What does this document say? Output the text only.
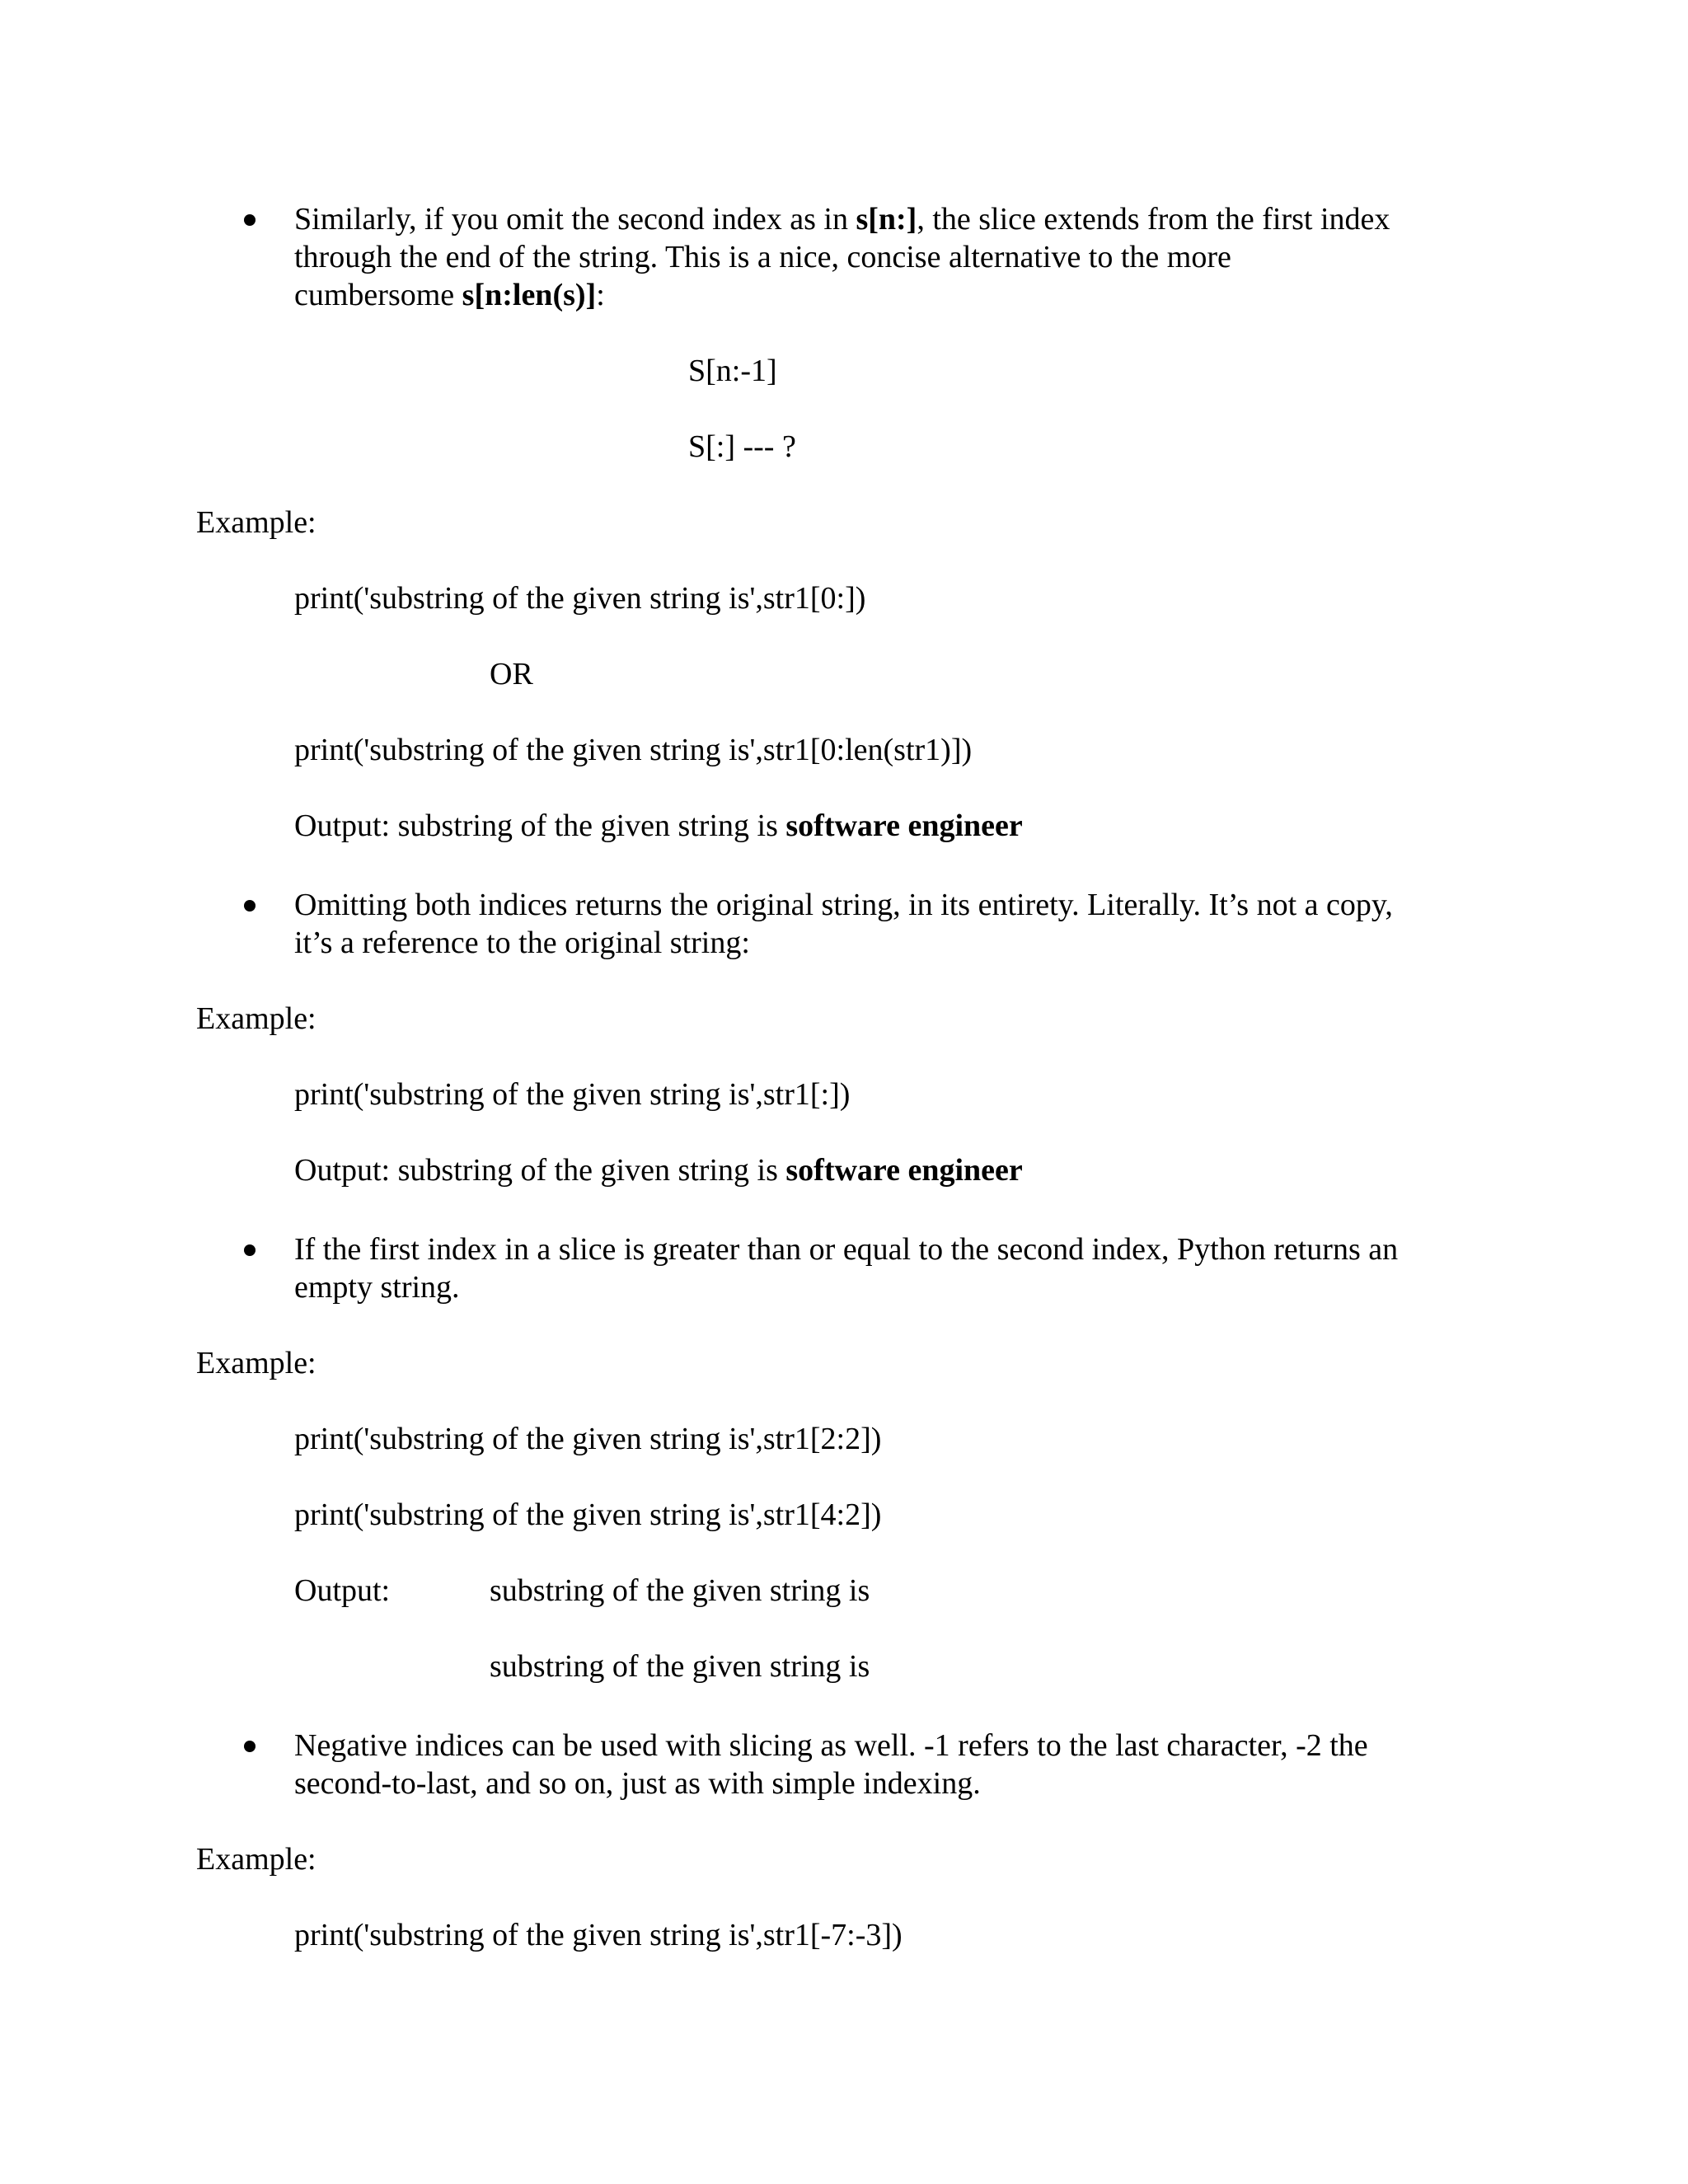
Similarly, if you omit the second index as in s[n:], the slice extends from the first index
through the end of the string. This is a nice, concise alternative to the more
cumbersome s[n:len(s)]:
S[n:-1]
S[:] --- ?
Example:
print('substring of the given string is',str1[0:])
OR
print('substring of the given string is',str1[0:len(str1)])
Output: substring of the given string is software engineer
Omitting both indices returns the original string, in its entirety. Literally. It’s not a copy,
it’s a reference to the original string:
Example:
print('substring of the given string is',str1[:])
Output: substring of the given string is software engineer
If the first index in a slice is greater than or equal to the second index, Python returns an
empty string.
Example:
print('substring of the given string is',str1[2:2])
print('substring of the given string is',str1[4:2])
Output:	substring of the given string is
substring of the given string is
Negative indices can be used with slicing as well. -1 refers to the last character, -2 the
second-to-last, and so on, just as with simple indexing.
Example:
print('substring of the given string is',str1[-7:-3])
